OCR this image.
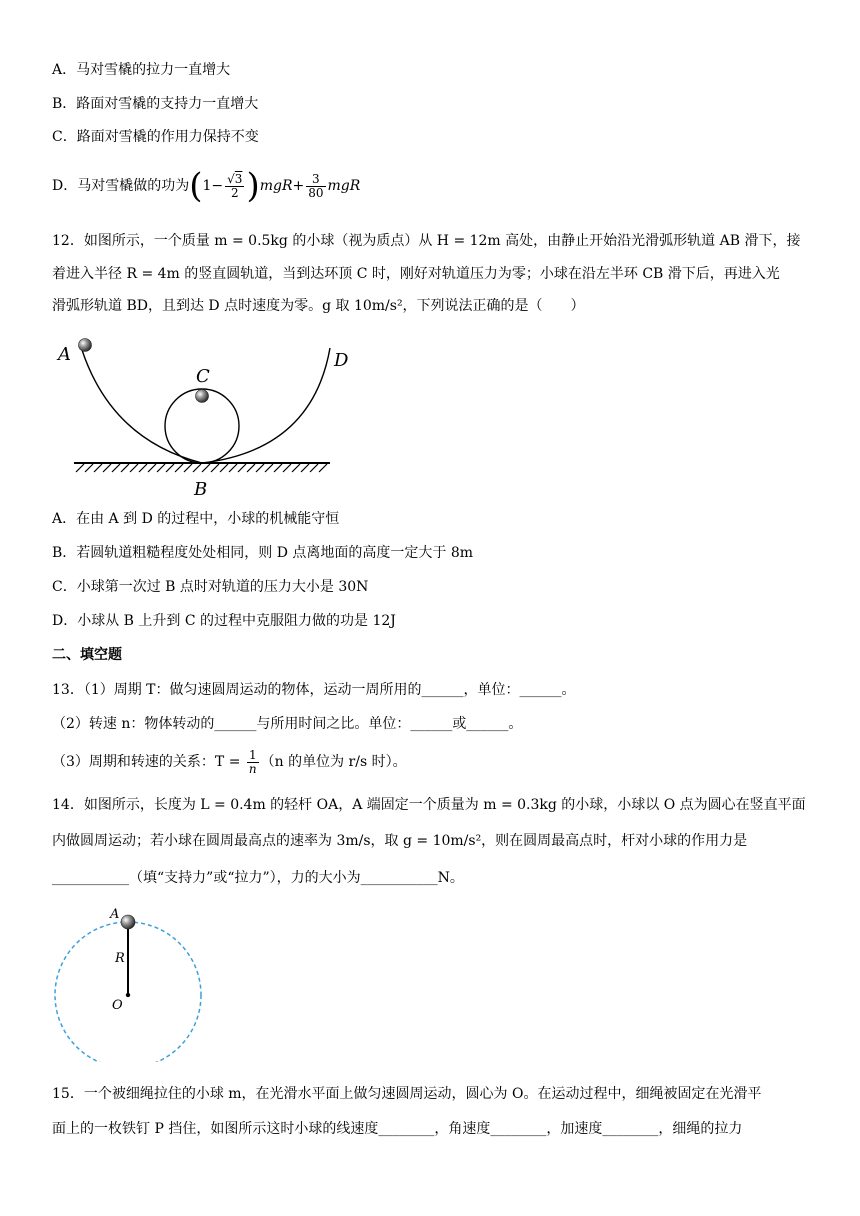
A．马对雪橇的拉力一直增大
B．路面对雪橇的支持力一直增大
C．路面对雪橇的作用力保持不变
D．马对雪橇做的功为$(1- \frac{√3}{2} )mgR+ \frac{3}{80}$ mgR
12．如图所示，一个质量 m = 0.5kg 的小球（视为质点）从 H = 12m 高处，由静止开始沿光滑弧形轨道 AB 滑下，接
着进入半径 R = 4m 的竖直圆轨道，当到达环顶 C 时，刚好对轨道压力为零；小球在沿左半环 CB 滑下后，再进入光
滑弧形轨道 BD，且到达 D 点时速度为零。g 取 10m/s²，下列说法正确的是（　　）
A
C
D
B
A．在由 A 到 D 的过程中，小球的机械能守恒
B．若圆轨道粗糙程度处处相同，则 D 点离地面的高度一定大于 8m
C．小球第一次过 B 点时对轨道的压力大小是 30N
D．小球从 B 上升到 C 的过程中克服阻力做的功是 12J
二、填空题
13．（1）周期 T：做匀速圆周运动的物体，运动一周所用的______，单位：______。
（2）转速 n：物体转动的______与所用时间之比。单位：______或______。
（3）周期和转速的关系：$T = \frac{1}{n} (n$ 的单位为 r/s 时）。
14．如图所示，长度为 L = 0.4m 的轻杆 OA，A 端固定一个质量为 m = 0.3kg 的小球，小球以 O 点为圆心在竖直平面
内做圆周运动；若小球在圆周最高点的速率为 3m/s，取 g = 10m/s²，则在圆周最高点时，杆对小球的作用力是
___________（填“支持力”或“拉力”），力的大小为___________N。
A
R
O
15．一个被细绳拉住的小球 m，在光滑水平面上做匀速圆周运动，圆心为 O。在运动过程中，细绳被固定在光滑平
面上的一枚铁钉 P 挡住，如图所示这时小球的线速度________，角速度________，加速度________，细绳的拉力
